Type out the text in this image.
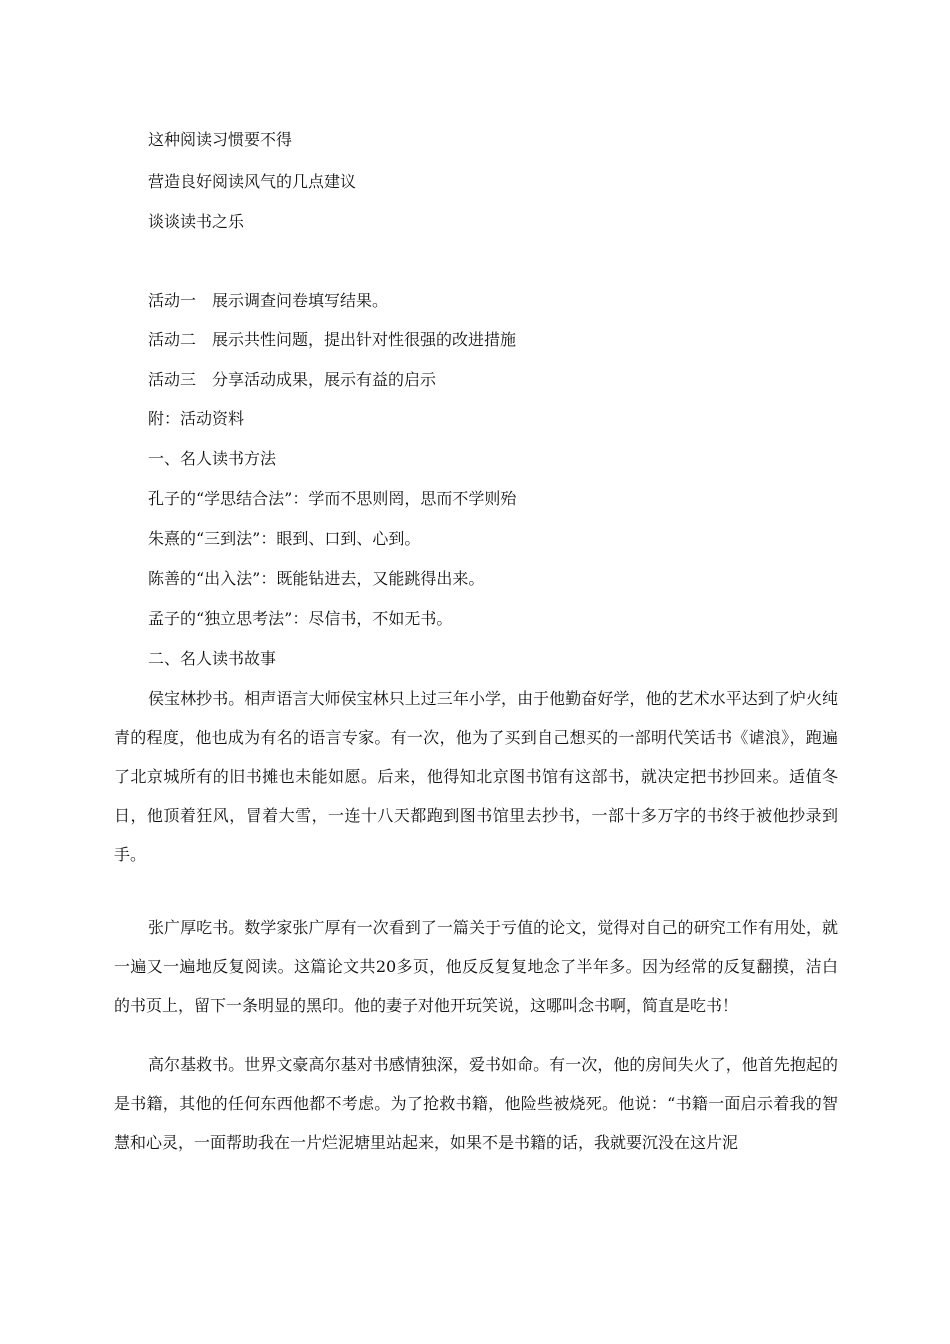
这种阅读习惯要不得
营造良好阅读风气的几点建议
谈谈读书之乐
活动一　展示调查问卷填写结果。
活动二　展示共性问题，提出针对性很强的改进措施
活动三　分享活动成果，展示有益的启示
附：活动资料
一、名人读书方法
孔子的“学思结合法”：学而不思则罔，思而不学则殆
朱熹的“三到法”：眼到、口到、心到。
陈善的“出入法”：既能钻进去，又能跳得出来。
孟子的“独立思考法”：尽信书，不如无书。
二、名人读书故事

侯宝林抄书。相声语言大师侯宝林只上过三年小学，由于他勤奋好学，他的艺术水平达到了炉火纯青的程度，他也成为有名的语言专家。有一次，他为了买到自己想买的一部明代笑话书《谑浪》，跑遍了北京城所有的旧书摊也未能如愿。后来，他得知北京图书馆有这部书，就决定把书抄回来。适值冬日，他顶着狂风，冒着大雪，一连十八天都跑到图书馆里去抄书，一部十多万字的书终于被他抄录到手。

张广厚吃书。数学家张广厚有一次看到了一篇关于亏值的论文，觉得对自己的研究工作有用处，就一遍又一遍地反复阅读。这篇论文共20多页，他反反复复地念了半年多。因为经常的反复翻摸，洁白的书页上，留下一条明显的黑印。他的妻子对他开玩笑说，这哪叫念书啊，简直是吃书！

高尔基救书。世界文豪高尔基对书感情独深，爱书如命。有一次，他的房间失火了，他首先抱起的是书籍，其他的任何东西他都不考虑。为了抢救书籍，他险些被烧死。他说：“书籍一面启示着我的智慧和心灵，一面帮助我在一片烂泥塘里站起来，如果不是书籍的话，我就要沉没在这片泥
